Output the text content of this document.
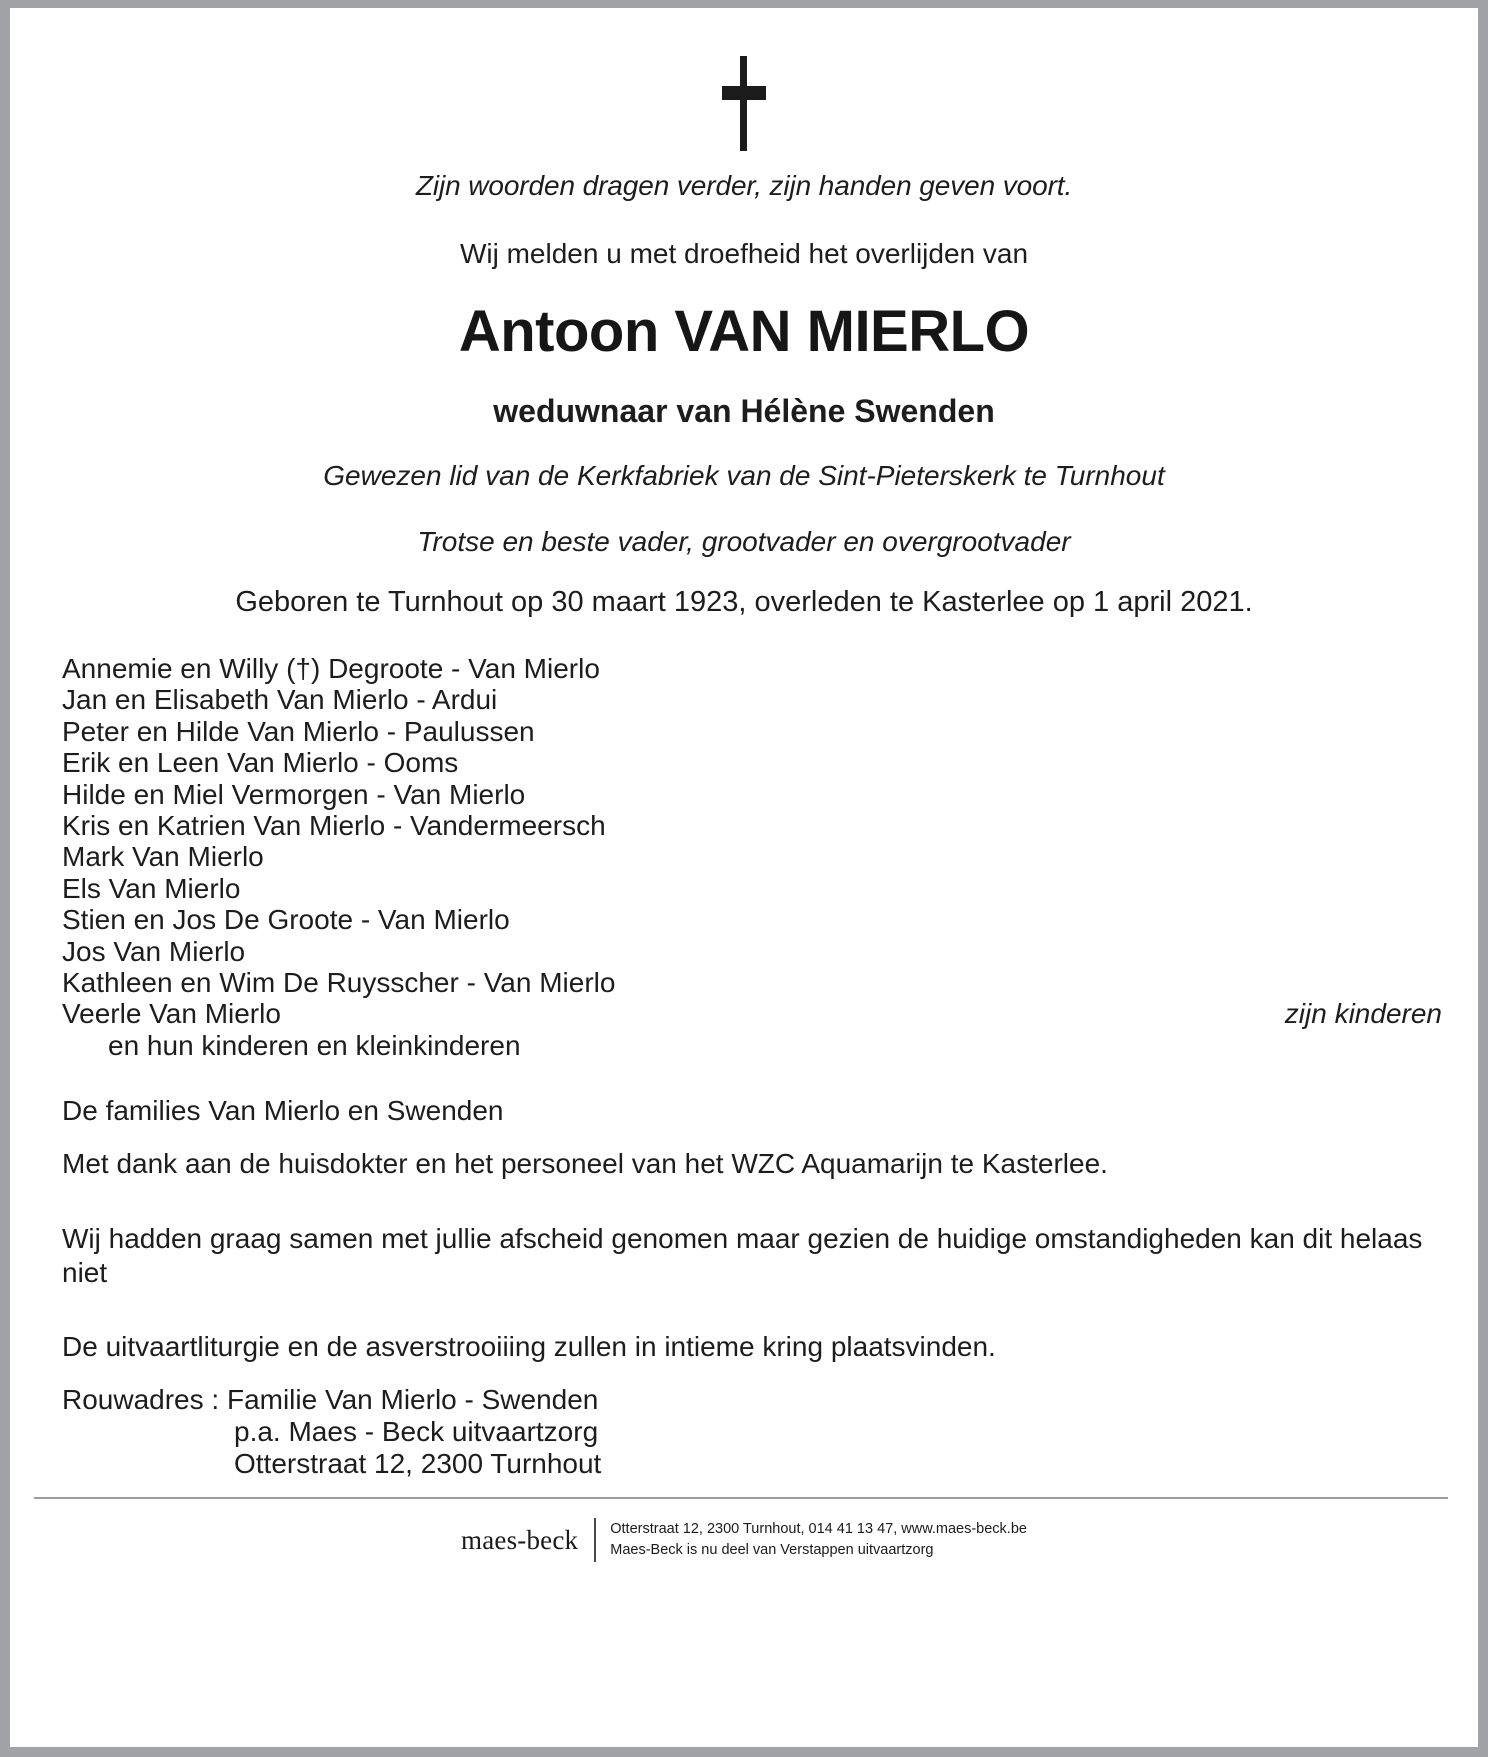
Zijn woorden dragen verder, zijn handen geven voort.
Wij melden u met droefheid het overlijden van
Antoon VAN MIERLO
weduwnaar van Hélène Swenden
Gewezen lid van de Kerkfabriek van de Sint-Pieterskerk te Turnhout
Trotse en beste vader, grootvader en overgrootvader
Geboren te Turnhout op 30 maart 1923, overleden te Kasterlee op 1 april 2021.
Annemie en Willy (†) Degroote - Van Mierlo
Jan en Elisabeth Van Mierlo - Ardui
Peter en Hilde Van Mierlo - Paulussen
Erik en Leen Van Mierlo - Ooms
Hilde en Miel Vermorgen - Van Mierlo
Kris en Katrien Van Mierlo - Vandermeersch
Mark Van Mierlo
Els Van Mierlo
Stien en Jos De Groote - Van Mierlo
Jos Van Mierlo
Kathleen en Wim De Ruysscher - Van Mierlo
Veerle Van Mierlo	zijn kinderen
en hun kinderen en kleinkinderen
De families Van Mierlo en Swenden
Met dank aan de huisdokter en het personeel van het WZC Aquamarijn te Kasterlee.
Wij hadden graag samen met jullie afscheid genomen maar gezien de huidige omstandigheden kan dit helaas niet
De uitvaartliturgie en de asverstrooiiing zullen in intieme kring plaatsvinden.
Rouwadres : Familie Van Mierlo - Swenden
p.a. Maes - Beck uitvaartzorg
Otterstraat 12, 2300 Turnhout
maes-beck	Otterstraat 12, 2300 Turnhout, 014 41 13 47, www.maes-beck.be
Maes-Beck is nu deel van Verstappen uitvaartzorg
